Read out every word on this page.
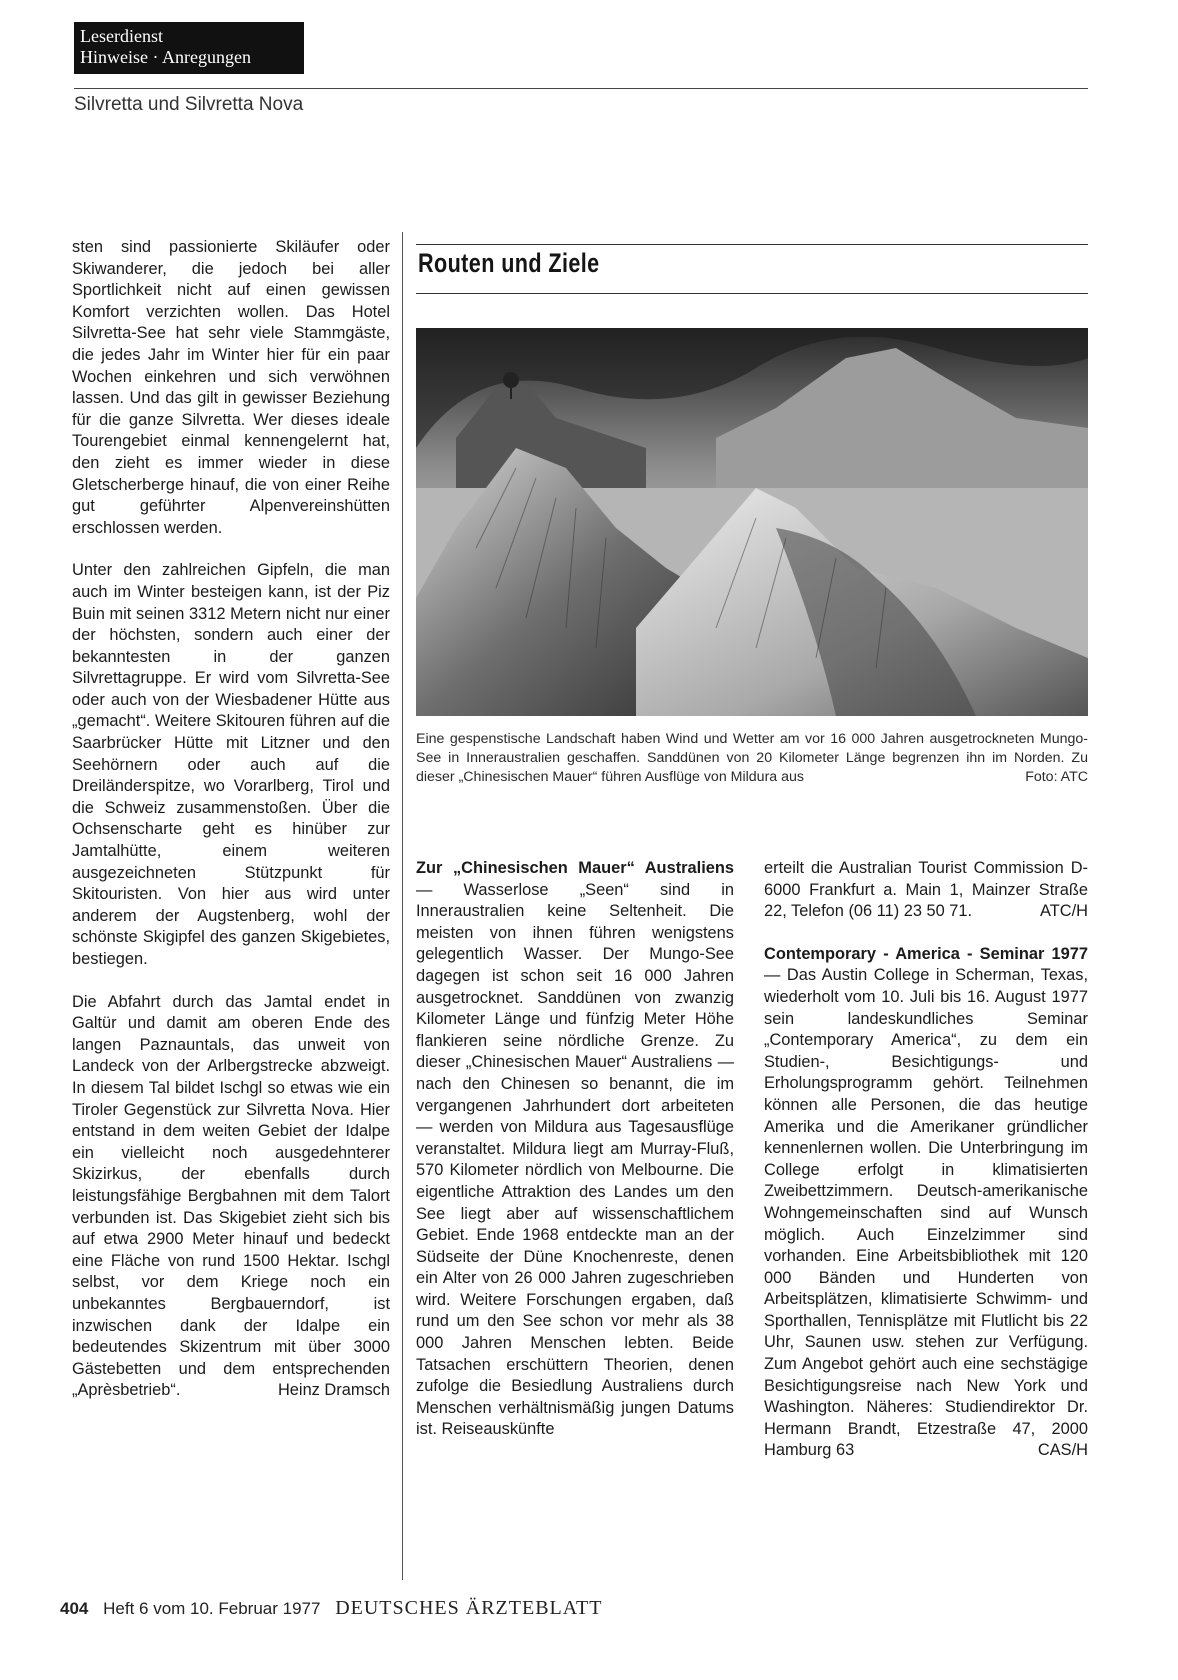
Leserdienst
Hinweise · Anregungen
Silvretta und Silvretta Nova

sten sind passionierte Skiläufer oder Skiwanderer, die jedoch bei aller Sportlichkeit nicht auf einen gewissen Komfort verzichten wollen. Das Hotel Silvretta-See hat sehr viele Stammgäste, die jedes Jahr im Winter hier für ein paar Wochen einkehren und sich verwöhnen lassen. Und das gilt in gewisser Beziehung für die ganze Silvretta. Wer dieses ideale Tourengebiet einmal kennengelernt hat, den zieht es immer wieder in diese Gletscherberge hinauf, die von einer Reihe gut geführter Alpenvereinshütten erschlossen werden.

Unter den zahlreichen Gipfeln, die man auch im Winter besteigen kann, ist der Piz Buin mit seinen 3312 Metern nicht nur einer der höchsten, sondern auch einer der bekanntesten in der ganzen Silvrettagruppe. Er wird vom Silvretta-See oder auch von der Wiesbadener Hütte aus „gemacht“. Weitere Skitouren führen auf die Saarbrücker Hütte mit Litzner und den Seehörnern oder auch auf die Dreiländerspitze, wo Vorarlberg, Tirol und die Schweiz zusammenstoßen. Über die Ochsenscharte geht es hinüber zur Jamtalhütte, einem weiteren ausgezeichneten Stützpunkt für Skitouristen. Von hier aus wird unter anderem der Augstenberg, wohl der schönste Skigipfel des ganzen Skigebietes, bestiegen.

Die Abfahrt durch das Jamtal endet in Galtür und damit am oberen Ende des langen Paznauntals, das unweit von Landeck von der Arlbergstrecke abzweigt. In diesem Tal bildet Ischgl so etwas wie ein Tiroler Gegenstück zur Silvretta Nova. Hier entstand in dem weiten Gebiet der Idalpe ein vielleicht noch ausgedehnterer Skizirkus, der ebenfalls durch leistungsfähige Bergbahnen mit dem Talort verbunden ist. Das Skigebiet zieht sich bis auf etwa 2900 Meter hinauf und bedeckt eine Fläche von rund 1500 Hektar. Ischgl selbst, vor dem Kriege noch ein unbekanntes Bergbauerndorf, ist inzwischen dank der Idalpe ein bedeutendes Skizentrum mit über 3000 Gästebetten und dem entsprechenden „Aprèsbetrieb“.	Heinz Dramsch

Routen und Ziele
Eine gespenstische Landschaft haben Wind und Wetter am vor 16 000 Jahren ausgetrockneten Mungo-See in Inneraustralien geschaffen. Sanddünen von 20 Kilometer Länge begrenzen ihn im Norden. Zu dieser „Chinesischen Mauer“ führen Ausflüge von Mildura aus	Foto: ATC

Zur „Chinesischen Mauer“ Australiens — Wasserlose „Seen“ sind in Inneraustralien keine Seltenheit. Die meisten von ihnen führen wenigstens gelegentlich Wasser. Der Mungo-See dagegen ist schon seit 16 000 Jahren ausgetrocknet. Sanddünen von zwanzig Kilometer Länge und fünfzig Meter Höhe flankieren seine nördliche Grenze. Zu dieser „Chinesischen Mauer“ Australiens — nach den Chinesen so benannt, die im vergangenen Jahrhundert dort arbeiteten — werden von Mildura aus Tagesausflüge veranstaltet. Mildura liegt am Murray-Fluß, 570 Kilometer nördlich von Melbourne. Die eigentliche Attraktion des Landes um den See liegt aber auf wissenschaftlichem Gebiet. Ende 1968 entdeckte man an der Südseite der Düne Knochenreste, denen ein Alter von 26 000 Jahren zugeschrieben wird. Weitere Forschungen ergaben, daß rund um den See schon vor mehr als 38 000 Jahren Menschen lebten. Beide Tatsachen erschüttern Theorien, denen zufolge die Besiedlung Australiens durch Menschen verhältnismäßig jungen Datums ist. Reiseauskünfte

erteilt die Australian Tourist Commission D-6000 Frankfurt a. Main 1, Mainzer Straße 22, Telefon (06 11) 23 50 71.	ATC/H

Contemporary - America - Seminar 1977 — Das Austin College in Scherman, Texas, wiederholt vom 10. Juli bis 16. August 1977 sein landeskundliches Seminar „Contemporary America“, zu dem ein Studien-, Besichtigungs- und Erholungsprogramm gehört. Teilnehmen können alle Personen, die das heutige Amerika und die Amerikaner gründlicher kennenlernen wollen. Die Unterbringung im College erfolgt in klimatisierten Zweibettzimmern. Deutsch-amerikanische Wohngemeinschaften sind auf Wunsch möglich. Auch Einzelzimmer sind vorhanden. Eine Arbeitsbibliothek mit 120 000 Bänden und Hunderten von Arbeitsplätzen, klimatisierte Schwimm- und Sporthallen, Tennisplätze mit Flutlicht bis 22 Uhr, Saunen usw. stehen zur Verfügung. Zum Angebot gehört auch eine sechstägige Besichtigungsreise nach New York und Washington. Näheres: Studiendirektor Dr. Hermann Brandt, Etzestraße 47, 2000 Hamburg 63	CAS/H

404 Heft 6 vom 10. Februar 1977 DEUTSCHES ÄRZTEBLATT
